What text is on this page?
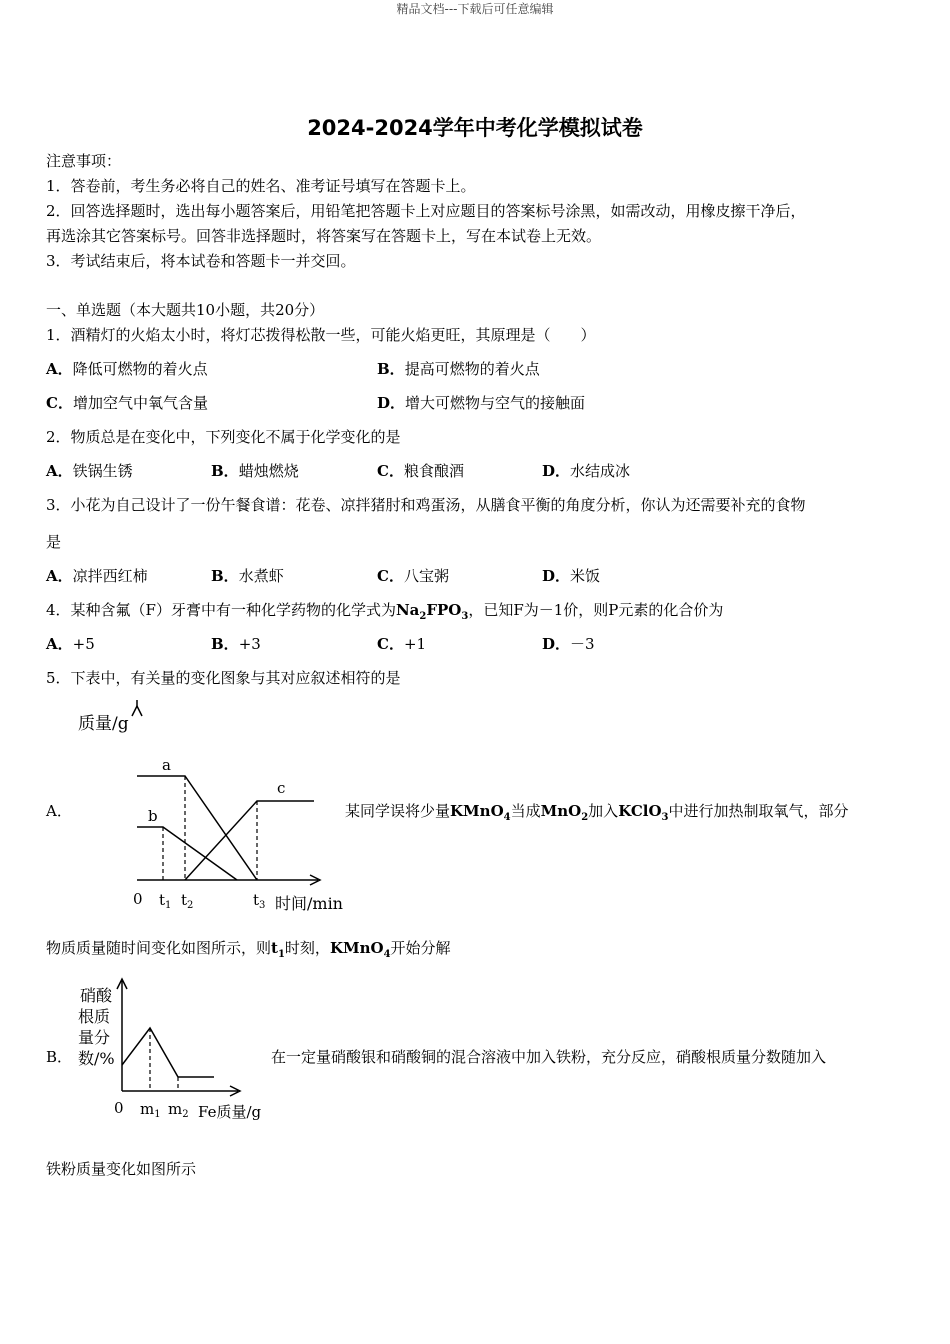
精品文档---下载后可任意编辑
2024-2024学年中考化学模拟试卷
注意事项：
1．答卷前，考生务必将自己的姓名、准考证号填写在答题卡上。
2．回答选择题时，选出每小题答案后，用铅笔把答题卡上对应题目的答案标号涂黑，如需改动，用橡皮擦干净后，
再选涂其它答案标号。回答非选择题时，将答案写在答题卡上，写在本试卷上无效。
3．考试结束后，将本试卷和答题卡一并交回。
一、单选题（本大题共10小题，共20分）
1．酒精灯的火焰太小时，将灯芯拨得松散一些，可能火焰更旺，其原理是（　　）
A．降低可燃物的着火点	B．提高可燃物的着火点
C．增加空气中氧气含量	D．增大可燃物与空气的接触面
2．物质总是在变化中，下列变化不属于化学变化的是
A．铁锅生锈	B．蜡烛燃烧	C．粮食酿酒	D．水结成冰
3．小花为自己设计了一份午餐食谱：花卷、凉拌猪肘和鸡蛋汤，从膳食平衡的角度分析，你认为还需要补充的食物
是
A．凉拌西红柿	B．水煮虾	C．八宝粥	D．米饭
4．某种含氟（F）牙膏中有一种化学药物的化学式为$Na_2FPO_3$，已知F为－1价，则P元素的化合价为
A．+5	B．+3	C．+1	D．－3
5．下表中，有关量的变化图象与其对应叙述相符的是
质量/g
a
b
c
0 $t_1$ $t_2$	$t_3$ 时间/min
A．	某同学误将少量KMnO$_4$当成MnO$_2$加入KClO$_3$中进行加热制取氧气，部分
物质质量随时间变化如图所示，则$t_1$时刻，KMnO$_4$开始分解
硝酸
根质
量分
数/%
0 $m_1$ $m_2$ Fe质量/g
B．	在一定量硝酸银和硝酸铜的混合溶液中加入铁粉，充分反应，硝酸根质量分数随加入
铁粉质量变化如图所示
